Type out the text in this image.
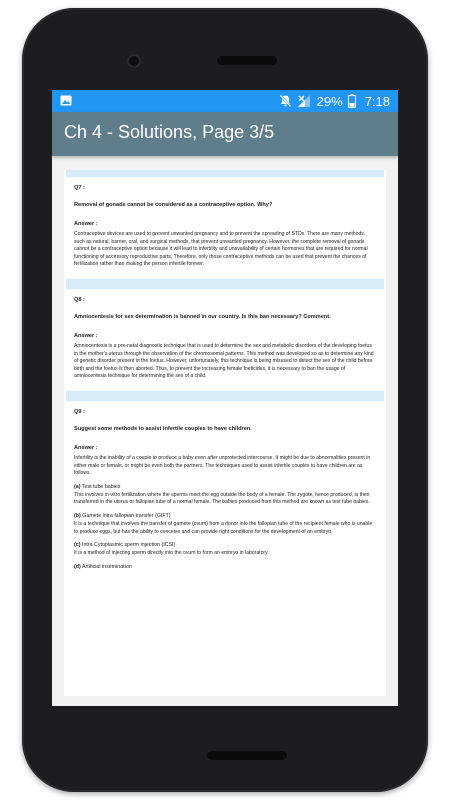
29% 7:18
Ch 4 - Solutions, Page 3/5
Q7 :
Removal of gonads cannot be considered as a contraceptive option. Why?
Answer :
Contraceptive devices are used to prevent unwanted pregnancy and to prevent the spreading of STDs. There are many methods, such as natural, barrier, oral, and surgical methods, that prevent unwanted pregnancy. However, the complete removal of gonads cannot be a contraceptive option because it will lead to infertility and unavailability of certain hormones that are required for normal functioning of accessory reproductive parts. Therefore, only those contraceptive methods can be used that prevent the chances of fertilization rather than making the person infertile forever.
Q8 :
Amniocentesis for sex determination is banned in our country. Is this ban necessary? Comment.
Answer :
Amniocentesis is a pre-natal diagnostic technique that is used to determine the sex and metabolic disorders of the developing foetus in the mother's uterus through the observation of the chromosomal patterns. This method was developed so as to determine any kind of genetic disorder present in the foetus. However, unfortunately, this technique is being misused to detect the sex of the child before birth and the foetus is then aborted. Thus, to prevent the increasing female foeticides, it is necessary to ban the usage of amniocentesis technique for determining the sex of a child.
Q9 :
Suggest some methods to assist infertile couples to have children.
Answer :
Infertility is the inability of a couple to produce a baby even after unprotected intercourse. It might be due to abnormalities present in either male or female, or might be even both the partners. The techniques used to assist infertile couples to have children are as follows.
(a) Test tube babies
This involves in-vitro fertilization where the sperms meet the egg outside the body of a female. The zygote, hence produced, is then transferred in the uterus or fallopian tube of a normal female. The babies produced from this method are known as test tube babies.
(b) Gamete intra fallopian transfer (GIFT)
It is a technique that involves the transfer of gamete (ovum) from a donor into the fallopian tube of the recipient female who is unable to produce eggs, but has the ability to conceive and can provide right conditions for the development of an embryo.
(c) Intra Cytoplasmic sperm injection (ICSI)
It is a method of injecting sperm directly into the ovum to form an embryo in laboratory.
(d) Artificial insemination
